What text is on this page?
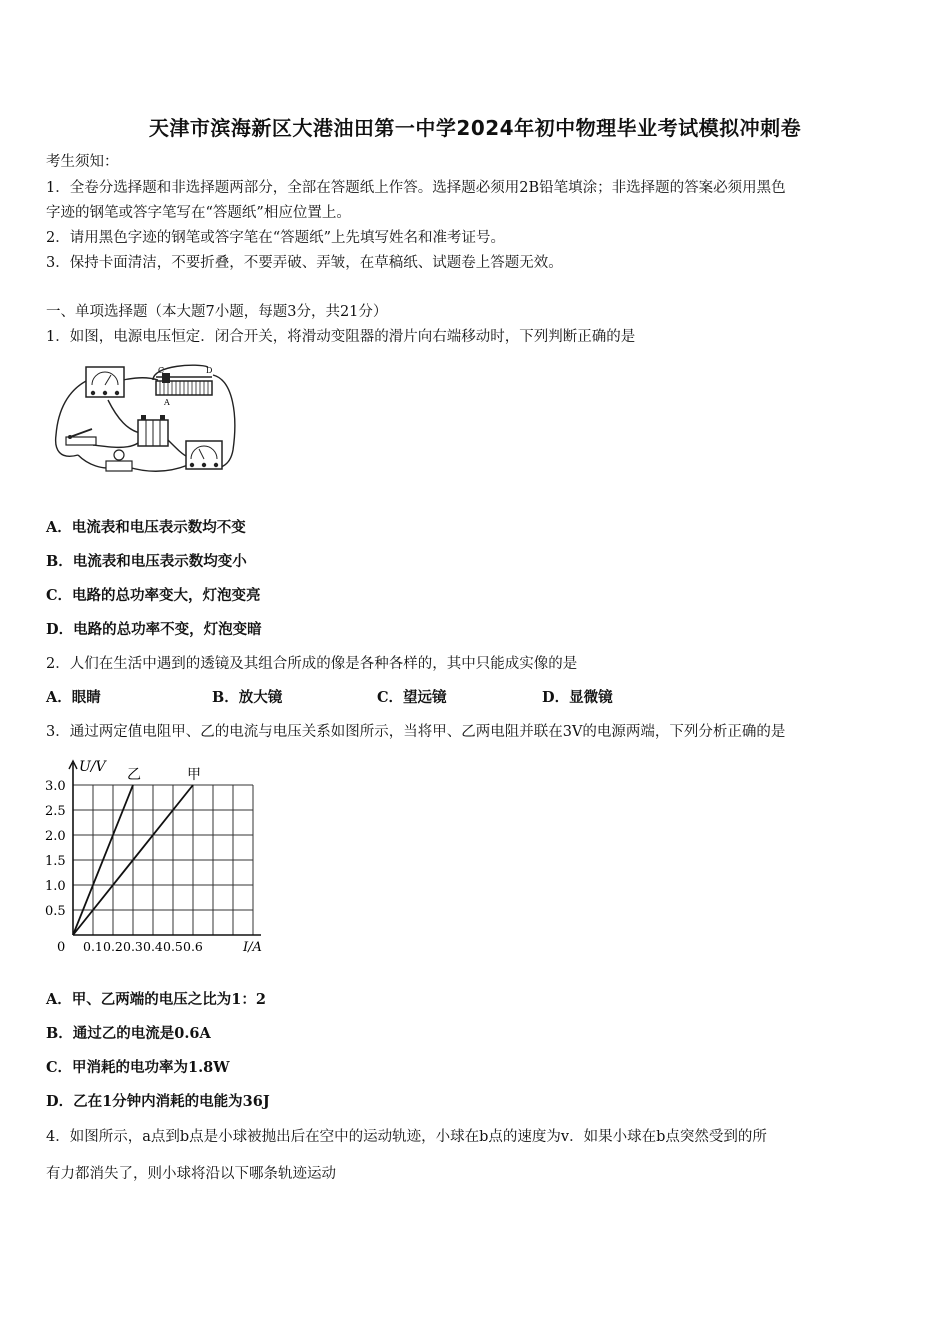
天津市滨海新区大港油田第一中学2024年初中物理毕业考试模拟冲刺卷
考生须知：
1．全卷分选择题和非选择题两部分，全部在答题纸上作答。选择题必须用2B铅笔填涂；非选择题的答案必须用黑色
字迹的钢笔或答字笔写在“答题纸”相应位置上。
2．请用黑色字迹的钢笔或答字笔在“答题纸”上先填写姓名和准考证号。
3．保持卡面清洁，不要折叠，不要弄破、弄皱，在草稿纸、试题卷上答题无效。
一、单项选择题（本大题7小题，每题3分，共21分）
1．如图，电源电压恒定．闭合开关，将滑动变阻器的滑片向右端移动时，下列判断正确的是
C	D
A
A．电流表和电压表示数均不变
B．电流表和电压表示数均变小
C．电路的总功率变大，灯泡变亮
D．电路的总功率不变，灯泡变暗
2．人们在生活中遇到的透镜及其组合所成的像是各种各样的，其中只能成实像的是
A．眼睛	B．放大镜	C．望远镜	D．显微镜
3．通过两定值电阻甲、乙的电流与电压关系如图所示，当将甲、乙两电阻并联在3V的电源两端，下列分析正确的是
U/V
I/A
0
0.5
1.0
1.5
2.0
2.5
3.0
0.1 0.2 0.3 0.4 0.5 0.6
乙	甲
A．甲、乙两端的电压之比为1：2
B．通过乙的电流是0.6A
C．甲消耗的电功率为1.8W
D．乙在1分钟内消耗的电能为36J
4．如图所示，a点到b点是小球被抛出后在空中的运动轨迹，小球在b点的速度为v．如果小球在b点突然受到的所
有力都消失了，则小球将沿以下哪条轨迹运动
